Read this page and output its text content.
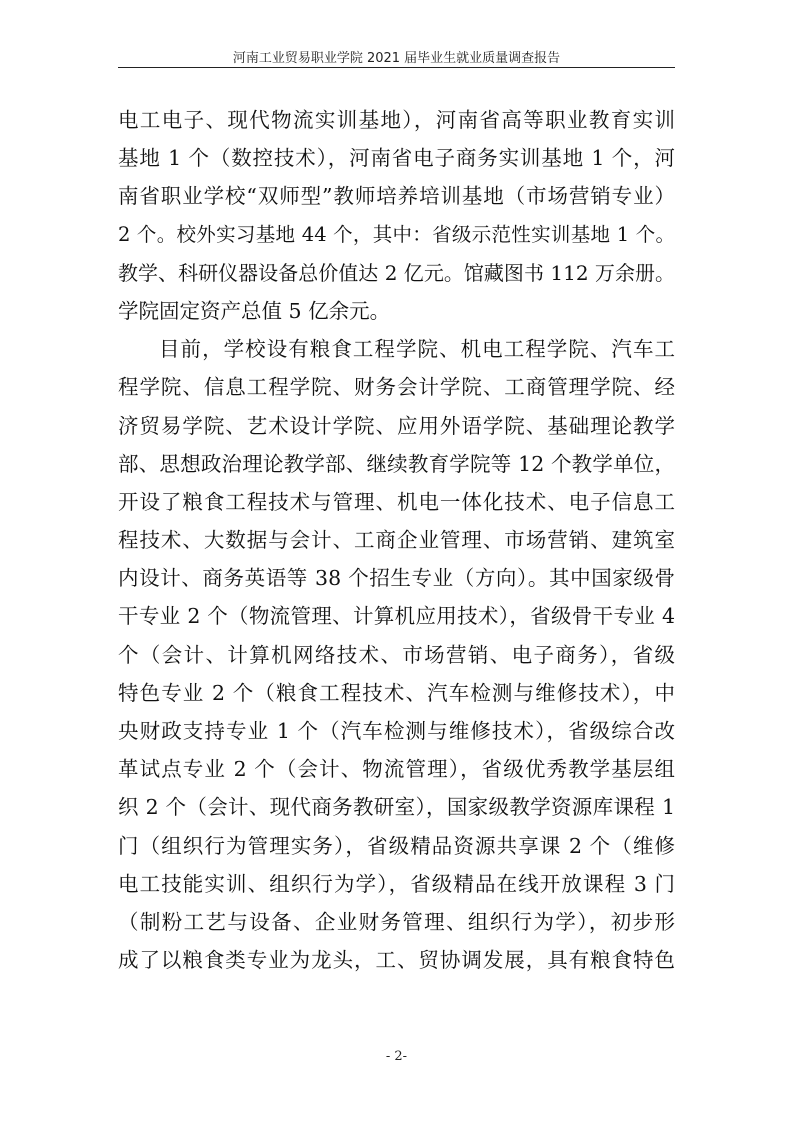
河南工业贸易职业学院 2021 届毕业生就业质量调查报告
电工电子、现代物流实训基地），河南省高等职业教育实训
基地 1 个（数控技术），河南省电子商务实训基地 1 个，河
南省职业学校“双师型”教师培养培训基地（市场营销专业）
2 个。校外实习基地 44 个，其中：省级示范性实训基地 1 个。
教学、科研仪器设备总价值达 2 亿元。馆藏图书 112 万余册。
学院固定资产总值 5 亿余元。
目前，学校设有粮食工程学院、机电工程学院、汽车工
程学院、信息工程学院、财务会计学院、工商管理学院、经
济贸易学院、艺术设计学院、应用外语学院、基础理论教学
部、思想政治理论教学部、继续教育学院等 12 个教学单位，
开设了粮食工程技术与管理、机电一体化技术、电子信息工
程技术、大数据与会计、工商企业管理、市场营销、建筑室
内设计、商务英语等 38 个招生专业（方向）。其中国家级骨
干专业 2 个（物流管理、计算机应用技术），省级骨干专业 4
个（会计、计算机网络技术、市场营销、电子商务），省级
特色专业 2 个（粮食工程技术、汽车检测与维修技术），中
央财政支持专业 1 个（汽车检测与维修技术），省级综合改
革试点专业 2 个（会计、物流管理），省级优秀教学基层组
织 2 个（会计、现代商务教研室），国家级教学资源库课程 1
门（组织行为管理实务），省级精品资源共享课 2 个（维修
电工技能实训、组织行为学），省级精品在线开放课程 3 门
（制粉工艺与设备、企业财务管理、组织行为学），初步形
成了以粮食类专业为龙头，工、贸协调发展，具有粮食特色
- 2-
